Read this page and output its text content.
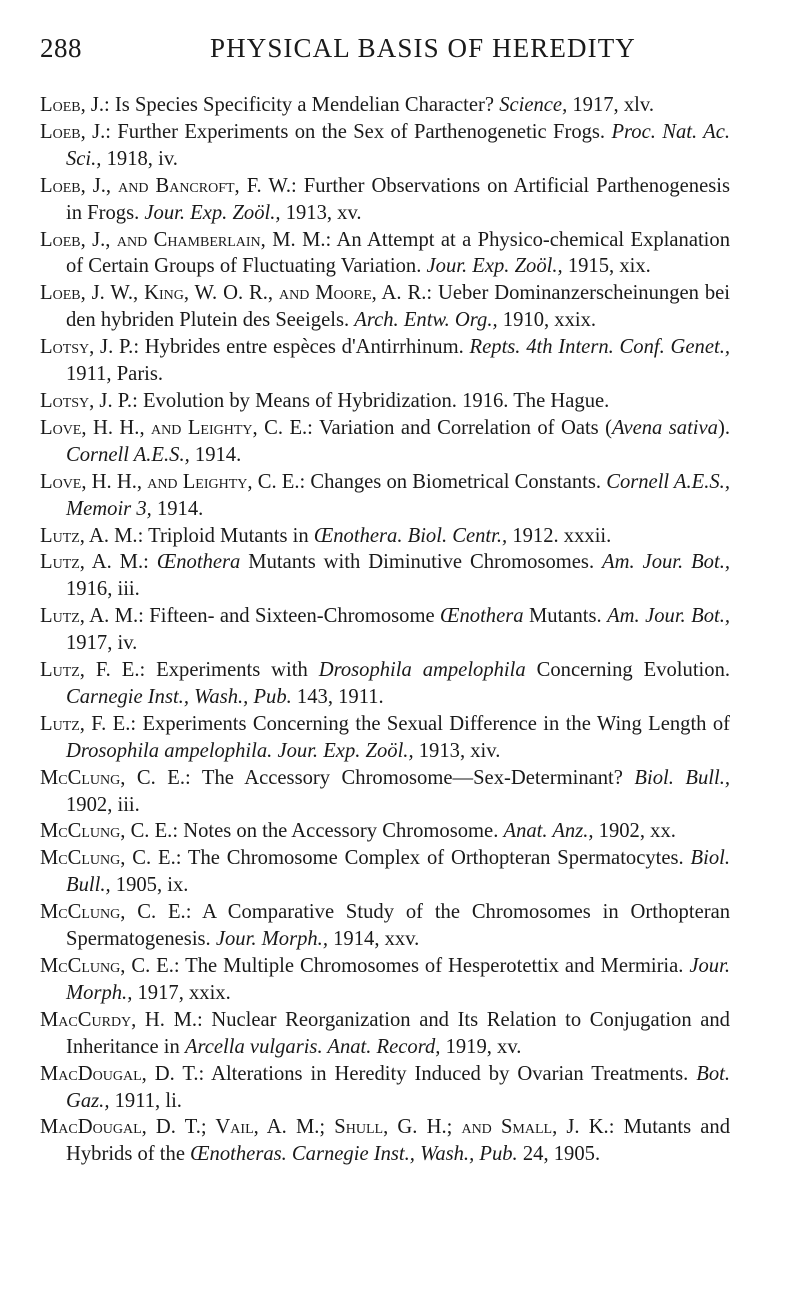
288	PHYSICAL BASIS OF HEREDITY

Loeb, J.: Is Species Specificity a Mendelian Character? Science, 1917, xlv.

Loeb, J.: Further Experiments on the Sex of Parthenogenetic Frogs. Proc. Nat. Ac. Sci., 1918, iv.

Loeb, J., and Bancroft, F. W.: Further Observations on Artificial Parthenogenesis in Frogs. Jour. Exp. Zoöl., 1913, xv.

Loeb, J., and Chamberlain, M. M.: An Attempt at a Physico-chemical Explanation of Certain Groups of Fluctuating Variation. Jour. Exp. Zoöl., 1915, xix.

Loeb, J. W., King, W. O. R., and Moore, A. R.: Ueber Dominanzerscheinungen bei den hybriden Plutein des Seeigels. Arch. Entw. Org., 1910, xxix.

Lotsy, J. P.: Hybrides entre espèces d'Antirrhinum. Repts. 4th Intern. Conf. Genet., 1911, Paris.

Lotsy, J. P.: Evolution by Means of Hybridization. 1916. The Hague.

Love, H. H., and Leighty, C. E.: Variation and Correlation of Oats (Avena sativa). Cornell A.E.S., 1914.

Love, H. H., and Leighty, C. E.: Changes on Biometrical Constants. Cornell A.E.S., Memoir 3, 1914.

Lutz, A. M.: Triploid Mutants in Œnothera. Biol. Centr., 1912. xxxii.

Lutz, A. M.: Œnothera Mutants with Diminutive Chromosomes. Am. Jour. Bot., 1916, iii.

Lutz, A. M.: Fifteen- and Sixteen-Chromosome Œnothera Mutants. Am. Jour. Bot., 1917, iv.

Lutz, F. E.: Experiments with Drosophila ampelophila Concerning Evolution. Carnegie Inst., Wash., Pub. 143, 1911.

Lutz, F. E.: Experiments Concerning the Sexual Difference in the Wing Length of Drosophila ampelophila. Jour. Exp. Zoöl., 1913, xiv.

McClung, C. E.: The Accessory Chromosome—Sex-Determinant? Biol. Bull., 1902, iii.

McClung, C. E.: Notes on the Accessory Chromosome. Anat. Anz., 1902, xx.

McClung, C. E.: The Chromosome Complex of Orthopteran Spermatocytes. Biol. Bull., 1905, ix.

McClung, C. E.: A Comparative Study of the Chromosomes in Orthopteran Spermatogenesis. Jour. Morph., 1914, xxv.

McClung, C. E.: The Multiple Chromosomes of Hesperotettix and Mermiria. Jour. Morph., 1917, xxix.

MacCurdy, H. M.: Nuclear Reorganization and Its Relation to Conjugation and Inheritance in Arcella vulgaris. Anat. Record, 1919, xv.

MacDougal, D. T.: Alterations in Heredity Induced by Ovarian Treatments. Bot. Gaz., 1911, li.

MacDougal, D. T.; Vail, A. M.; Shull, G. H.; and Small, J. K.: Mutants and Hybrids of the Œnotheras. Carnegie Inst., Wash., Pub. 24, 1905.
